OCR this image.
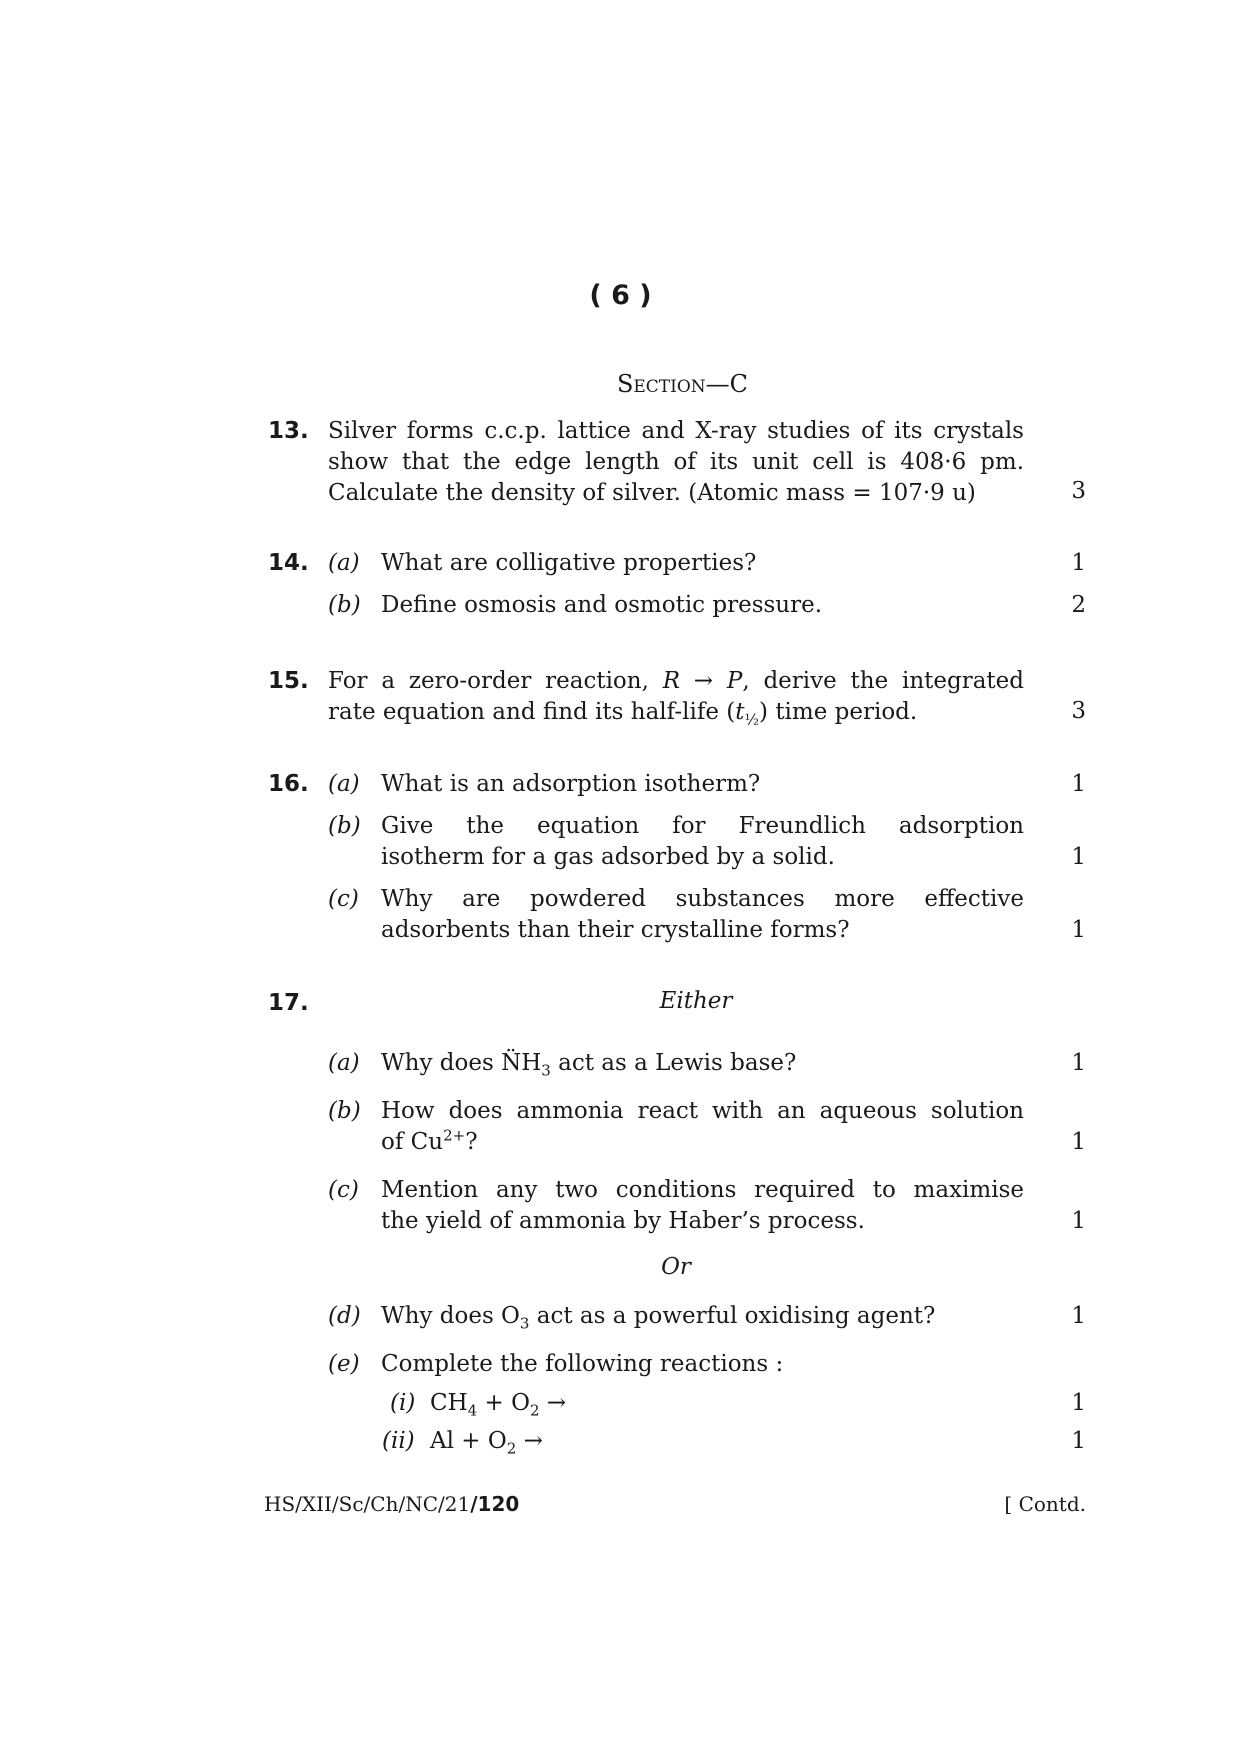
( 6 )
Section—C
13. Silver forms c.c.p. lattice and X-ray studies of its crystals
show that the edge length of its unit cell is 408·6 pm.
Calculate the density of silver. (Atomic mass = 107·9 u)	3
14. (a) What are colligative properties?	1
(b) Define osmosis and osmotic pressure.	2
15. For a zero-order reaction, R → P, derive the integrated
rate equation and find its half-life $(t_{\frac{1}{2}})$ time period.	3
16. (a) What is an adsorption isotherm?	1
(b) Give the equation for Freundlich adsorption
isotherm for a gas adsorbed by a solid.	1
(c) Why are powdered substances more effective
adsorbents than their crystalline forms?	1
17.	Either
(a) Why does $N̈H_3$ act as a Lewis base?	1
(b) How does ammonia react with an aqueous solution
of $Cu^{2+}$?	1
(c) Mention any two conditions required to maximise
the yield of ammonia by Haber’s process.	1
Or
(d) Why does $O_3$ act as a powerful oxidising agent?	1
(e) Complete the following reactions :
(i) $CH_4 + O_2$ →	1
(ii) $Al + O_2$ →	1
HS/XII/Sc/Ch/NC/21/120	[ Contd.
